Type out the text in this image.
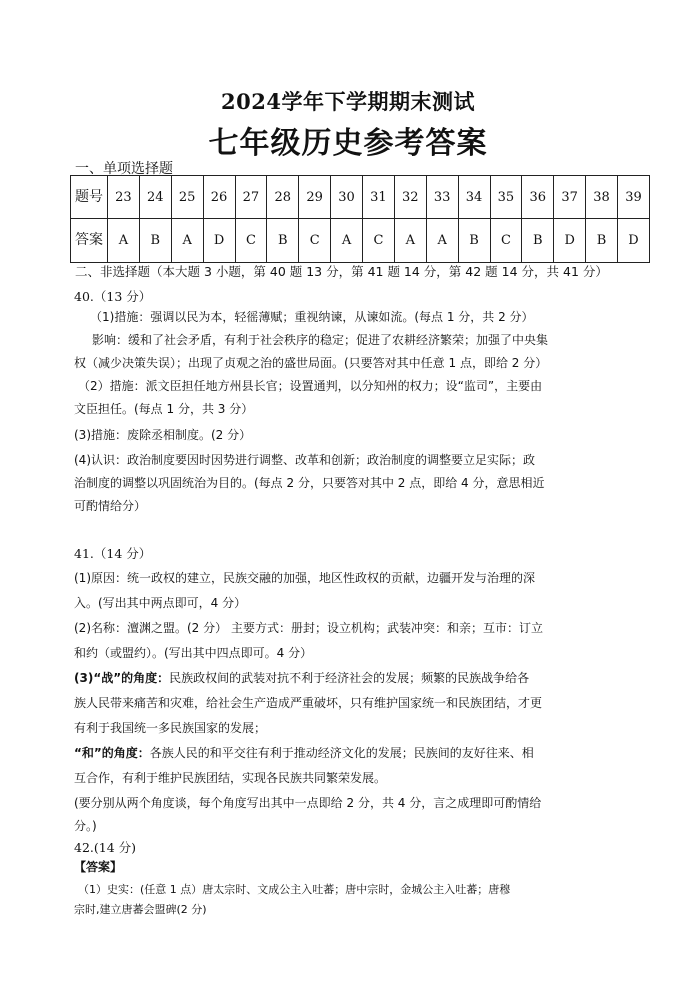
2024学年下学期期末测试
七年级历史参考答案
一、单项选择题
题号	23	24	25	26	27	28	29	30	31	32	33	34	35	36	37	38	39
答案	A	B	A	D	C	B	C	A	C	A	A	B	C	B	D	B	D
二、非选择题（本大题 3 小题，第 40 题 13 分，第 41 题 14 分，第 42 题 14 分，共 41 分）
40.（13 分）
（1)措施：强调以民为本，轻徭薄赋；重视纳谏，从谏如流。(每点 1 分，共 2 分）
影响：缓和了社会矛盾，有利于社会秩序的稳定；促进了农耕经济繁荣；加强了中央集
权（减少决策失误）；出现了贞观之治的盛世局面。(只要答对其中任意 1 点，即给 2 分）
（2）措施：派文臣担任地方州县长官；设置通判，以分知州的权力；设“监司”，主要由
文臣担任。(每点 1 分，共 3 分）
(3)措施：废除丞相制度。(2 分）
(4)认识：政治制度要因时因势进行调整、改革和创新；政治制度的调整要立足实际；政
治制度的调整以巩固统治为目的。(每点 2 分，只要答对其中 2 点，即给 4 分，意思相近
可酌情给分）
41.（14 分）
(1)原因：统一政权的建立，民族交融的加强，地区性政权的贡献，边疆开发与治理的深
入。(写出其中两点即可，4 分）
(2)名称：澶渊之盟。(2 分） 主要方式：册封；设立机构；武装冲突：和亲；互市：订立
和约（或盟约）。(写出其中四点即可。4 分）
(3)“战”的角度：民族政权间的武装对抗不利于经济社会的发展；频繁的民族战争给各
族人民带来痛苦和灾难，给社会生产造成严重破坏，只有维护国家统一和民族团结，才更
有利于我国统一多民族国家的发展；
“和”的角度：各族人民的和平交往有利于推动经济文化的发展；民族间的友好往来、相
互合作，有利于维护民族团结，实现各民族共同繁荣发展。
(要分别从两个角度谈，每个角度写出其中一点即给 2 分，共 4 分，言之成理即可酌情给
分。)
42.(14 分)
【答案】
（1）史实：(任意 1 点）唐太宗时、文成公主入吐蕃；唐中宗时，金城公主入吐蕃；唐穆
宗时,建立唐蕃会盟碑(2 分)
